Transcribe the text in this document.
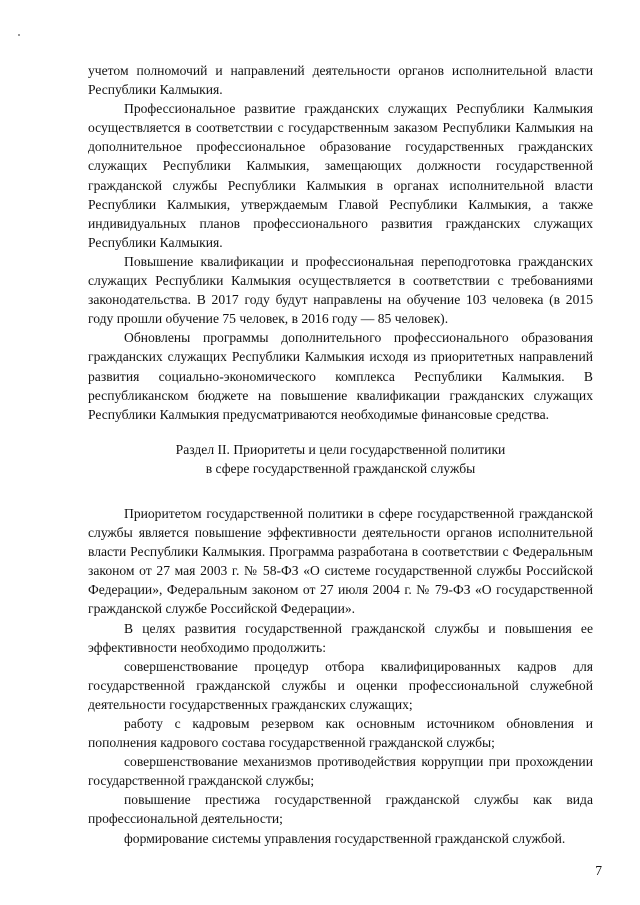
учетом полномочий и направлений деятельности органов исполнительной власти Республики Калмыкия.

Профессиональное развитие гражданских служащих Республики Калмыкия осуществляется в соответствии с государственным заказом Республики Калмыкия на дополнительное профессиональное образование государственных гражданских служащих Республики Калмыкия, замещающих должности государственной гражданской службы Республики Калмыкия в органах исполнительной власти Республики Калмыкия, утверждаемым Главой Республики Калмыкия, а также индивидуальных планов профессионального развития гражданских служащих Республики Калмыкия.

Повышение квалификации и профессиональная переподготовка гражданских служащих Республики Калмыкия осуществляется в соответствии с требованиями законодательства. В 2017 году будут направлены на обучение 103 человека (в 2015 году прошли обучение 75 человек, в 2016 году — 85 человек).

Обновлены программы дополнительного профессионального образования гражданских служащих Республики Калмыкия исходя из приоритетных направлений развития социально-экономического комплекса Республики Калмыкия. В республиканском бюджете на повышение квалификации гражданских служащих Республики Калмыкия предусматриваются необходимые финансовые средства.

Раздел II. Приоритеты и цели государственной политики
в сфере государственной гражданской службы

Приоритетом государственной политики в сфере государственной гражданской службы является повышение эффективности деятельности органов исполнительной власти Республики Калмыкия. Программа разработана в соответствии с Федеральным законом от 27 мая 2003 г. № 58-ФЗ «О системе государственной службы Российской Федерации», Федеральным законом от 27 июля 2004 г. № 79-ФЗ «О государственной гражданской службе Российской Федерации».

В целях развития государственной гражданской службы и повышения ее эффективности необходимо продолжить:

совершенствование процедур отбора квалифицированных кадров для государственной гражданской службы и оценки профессиональной служебной деятельности государственных гражданских служащих;

работу с кадровым резервом как основным источником обновления и пополнения кадрового состава государственной гражданской службы;

совершенствование механизмов противодействия коррупции при прохождении государственной гражданской службы;

повышение престижа государственной гражданской службы как вида профессиональной деятельности;

формирование системы управления государственной гражданской службой.

7
